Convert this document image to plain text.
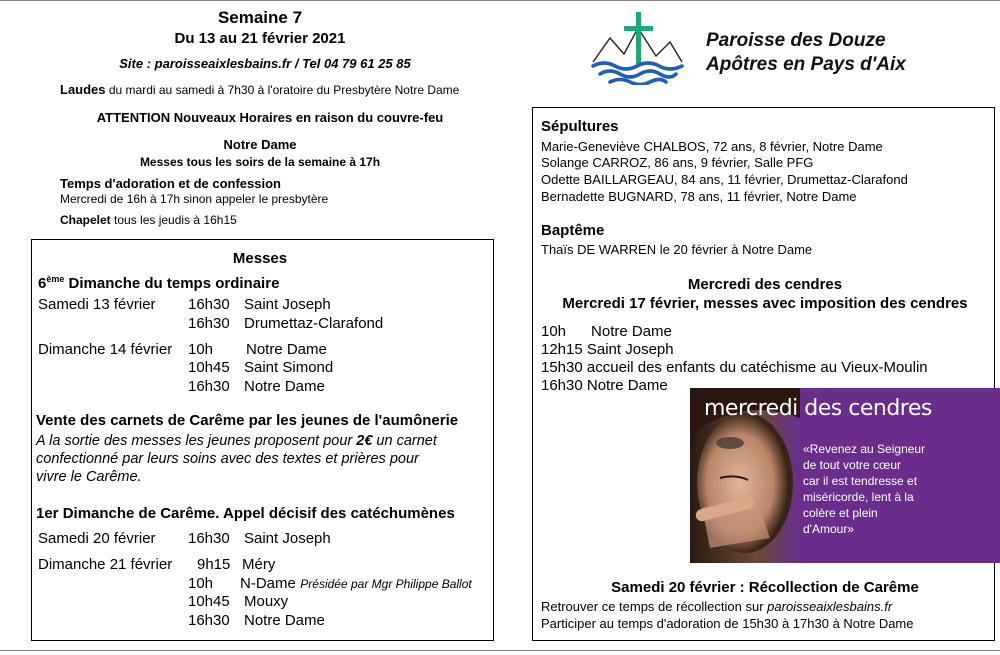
Semaine 7
Du 13 au 21 février 2021
Site : paroisseaixlesbains.fr / Tel 04 79 61 25 85
Laudes du mardi au samedi à 7h30 à l'oratoire du Presbytère Notre Dame
ATTENTION Nouveaux Horaires en raison du couvre-feu
Notre Dame
Messes tous les soirs de la semaine à 17h
Temps d'adoration et de confession
Mercredi de 16h à 17h sinon appeler le presbytère
Chapelet tous les jeudis à 16h15
Messes
6ème Dimanche du temps ordinaire
Samedi 13 février 16h30 Saint Joseph
16h30 Drumettaz-Clarafond
Dimanche 14 février 10h Notre Dame
10h45 Saint Simond
16h30 Notre Dame
Vente des carnets de Carême par les jeunes de l'aumônerie
A la sortie des messes les jeunes proposent pour 2€ un carnet
confectionné par leurs soins avec des textes et prières pour
vivre le Carême.
1er Dimanche de Carême. Appel décisif des catéchumènes
Samedi 20 février 16h30 Saint Joseph
Dimanche 21 février 9h15 Méry
10h N-Dame Présidée par Mgr Philippe Ballot
10h45 Mouxy
16h30 Notre Dame
Paroisse des Douze
Apôtres en Pays d'Aix
Sépultures
Marie-Geneviève CHALBOS, 72 ans, 8 février, Notre Dame
Solange CARROZ, 86 ans, 9 février, Salle PFG
Odette BAILLARGEAU, 84 ans, 11 février, Drumettaz-Clarafond
Bernadette BUGNARD, 78 ans, 11 février, Notre Dame
Baptême
Thaïs DE WARREN le 20 février à Notre Dame
Mercredi des cendres
Mercredi 17 février, messes avec imposition des cendres
10h      Notre Dame
12h15 Saint Joseph
15h30 accueil des enfants du catéchisme au Vieux-Moulin
16h30 Notre Dame
mercredi des cendres
«Revenez au Seigneur
de tout votre cœur
car il est tendresse et
miséricorde, lent à la
colère et plein
d'Amour»
Samedi 20 février : Récollection de Carême
Retrouver ce temps de récollection sur paroisseaixlesbains.fr
Participer au temps d'adoration de 15h30 à 17h30 à Notre Dame
